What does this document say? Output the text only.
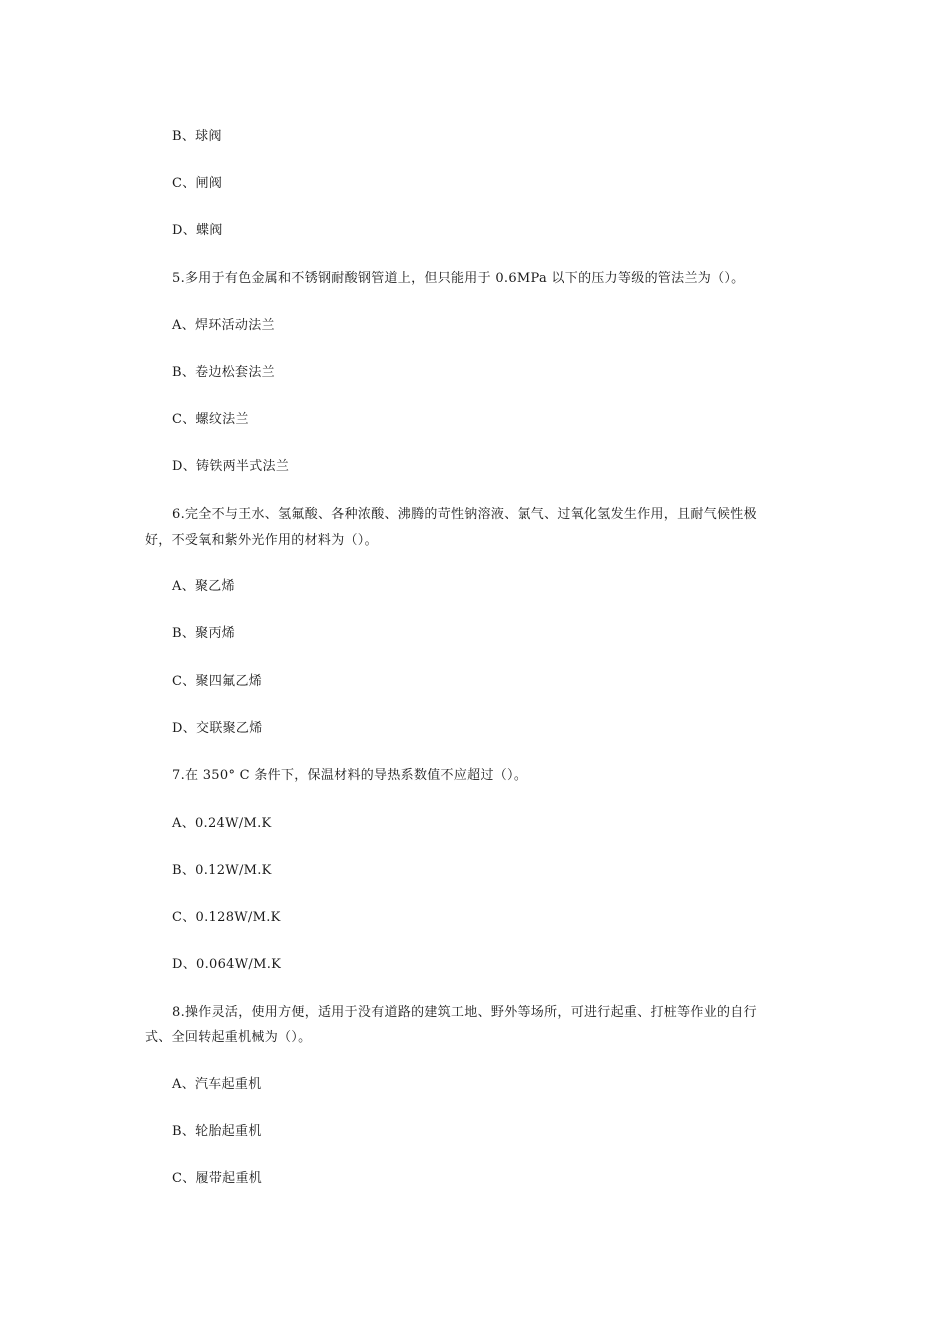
B、球阀
C、闸阀
D、蝶阀
5.多用于有色金属和不锈钢耐酸钢管道上，但只能用于 0.6MPa 以下的压力等级的管法兰为（）。
A、焊环活动法兰
B、卷边松套法兰
C、螺纹法兰
D、铸铁两半式法兰
6.完全不与王水、氢氟酸、各种浓酸、沸腾的苛性钠溶液、氯气、过氧化氢发生作用，且耐气候性极
好，不受氧和紫外光作用的材料为（）。
A、聚乙烯
B、聚丙烯
C、聚四氟乙烯
D、交联聚乙烯
7.在 350° C 条件下，保温材料的导热系数值不应超过（）。
A、0.24W/M.K
B、0.12W/M.K
C、0.128W/M.K
D、0.064W/M.K
8.操作灵活，使用方便，适用于没有道路的建筑工地、野外等场所，可进行起重、打桩等作业的自行
式、全回转起重机械为（）。
A、汽车起重机
B、轮胎起重机
C、履带起重机
